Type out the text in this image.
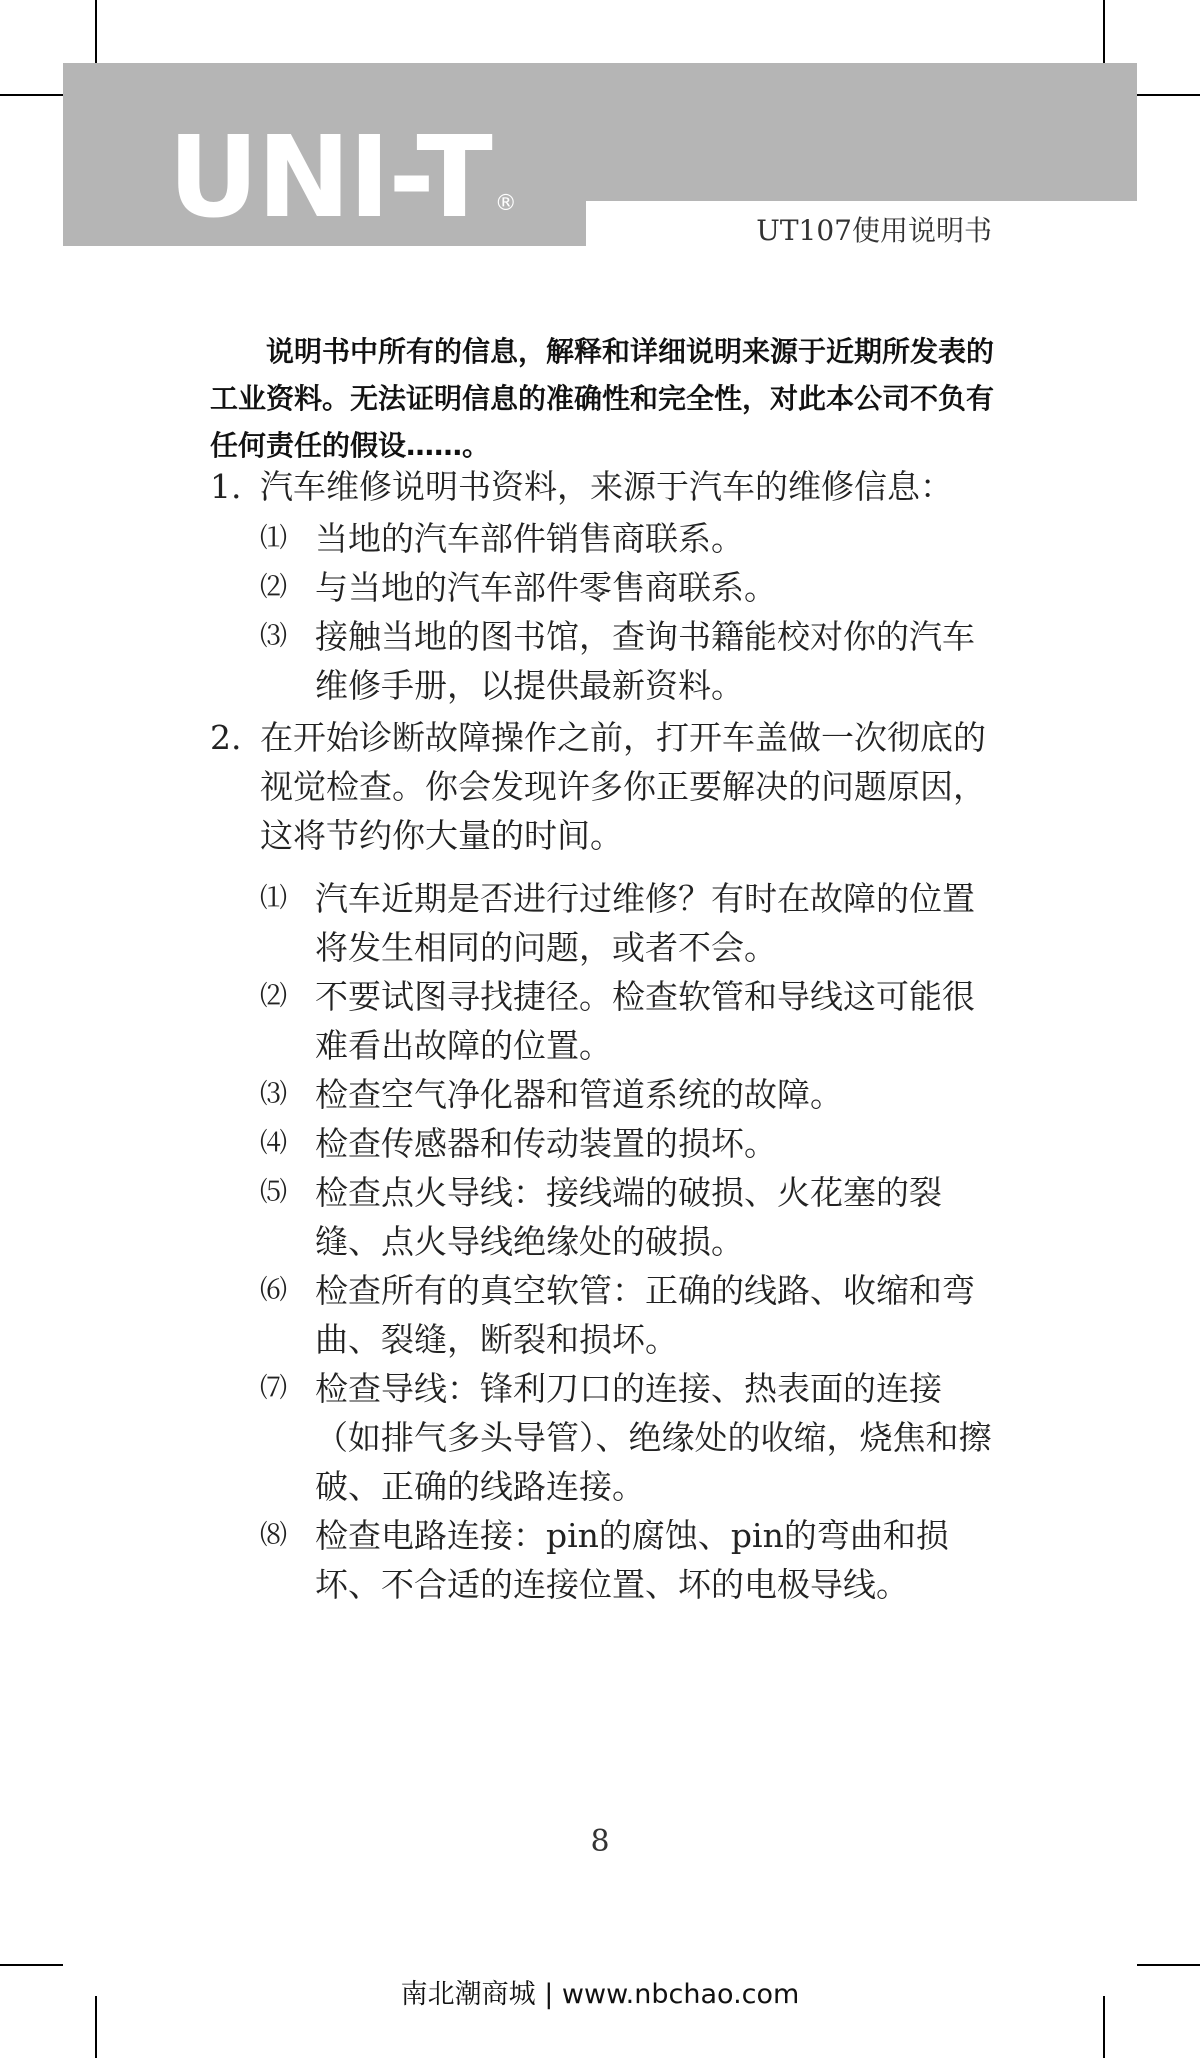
UNI-T ®
UT107使用说明书

说明书中所有的信息，解释和详细说明来源于近期所发表的工业资料。无法证明信息的准确性和完全性，对此本公司不负有任何责任的假设……。

1. 汽车维修说明书资料，来源于汽车的维修信息：
⑴ 当地的汽车部件销售商联系。
⑵ 与当地的汽车部件零售商联系。
⑶ 接触当地的图书馆，查询书籍能校对你的汽车维修手册，以提供最新资料。
2. 在开始诊断故障操作之前，打开车盖做一次彻底的视觉检查。你会发现许多你正要解决的问题原因，这将节约你大量的时间。
⑴ 汽车近期是否进行过维修？有时在故障的位置将发生相同的问题，或者不会。
⑵ 不要试图寻找捷径。检查软管和导线这可能很难看出故障的位置。
⑶ 检查空气净化器和管道系统的故障。
⑷ 检查传感器和传动装置的损坏。
⑸ 检查点火导线：接线端的破损、火花塞的裂缝、点火导线绝缘处的破损。
⑹ 检查所有的真空软管：正确的线路、收缩和弯曲、裂缝，断裂和损坏。
⑺ 检查导线：锋利刀口的连接、热表面的连接（如排气多头导管）、绝缘处的收缩，烧焦和擦破、正确的线路连接。
⑻ 检查电路连接：pin的腐蚀、pin的弯曲和损坏、不合适的连接位置、坏的电极导线。
8
南北潮商城 | www.nbchao.com
